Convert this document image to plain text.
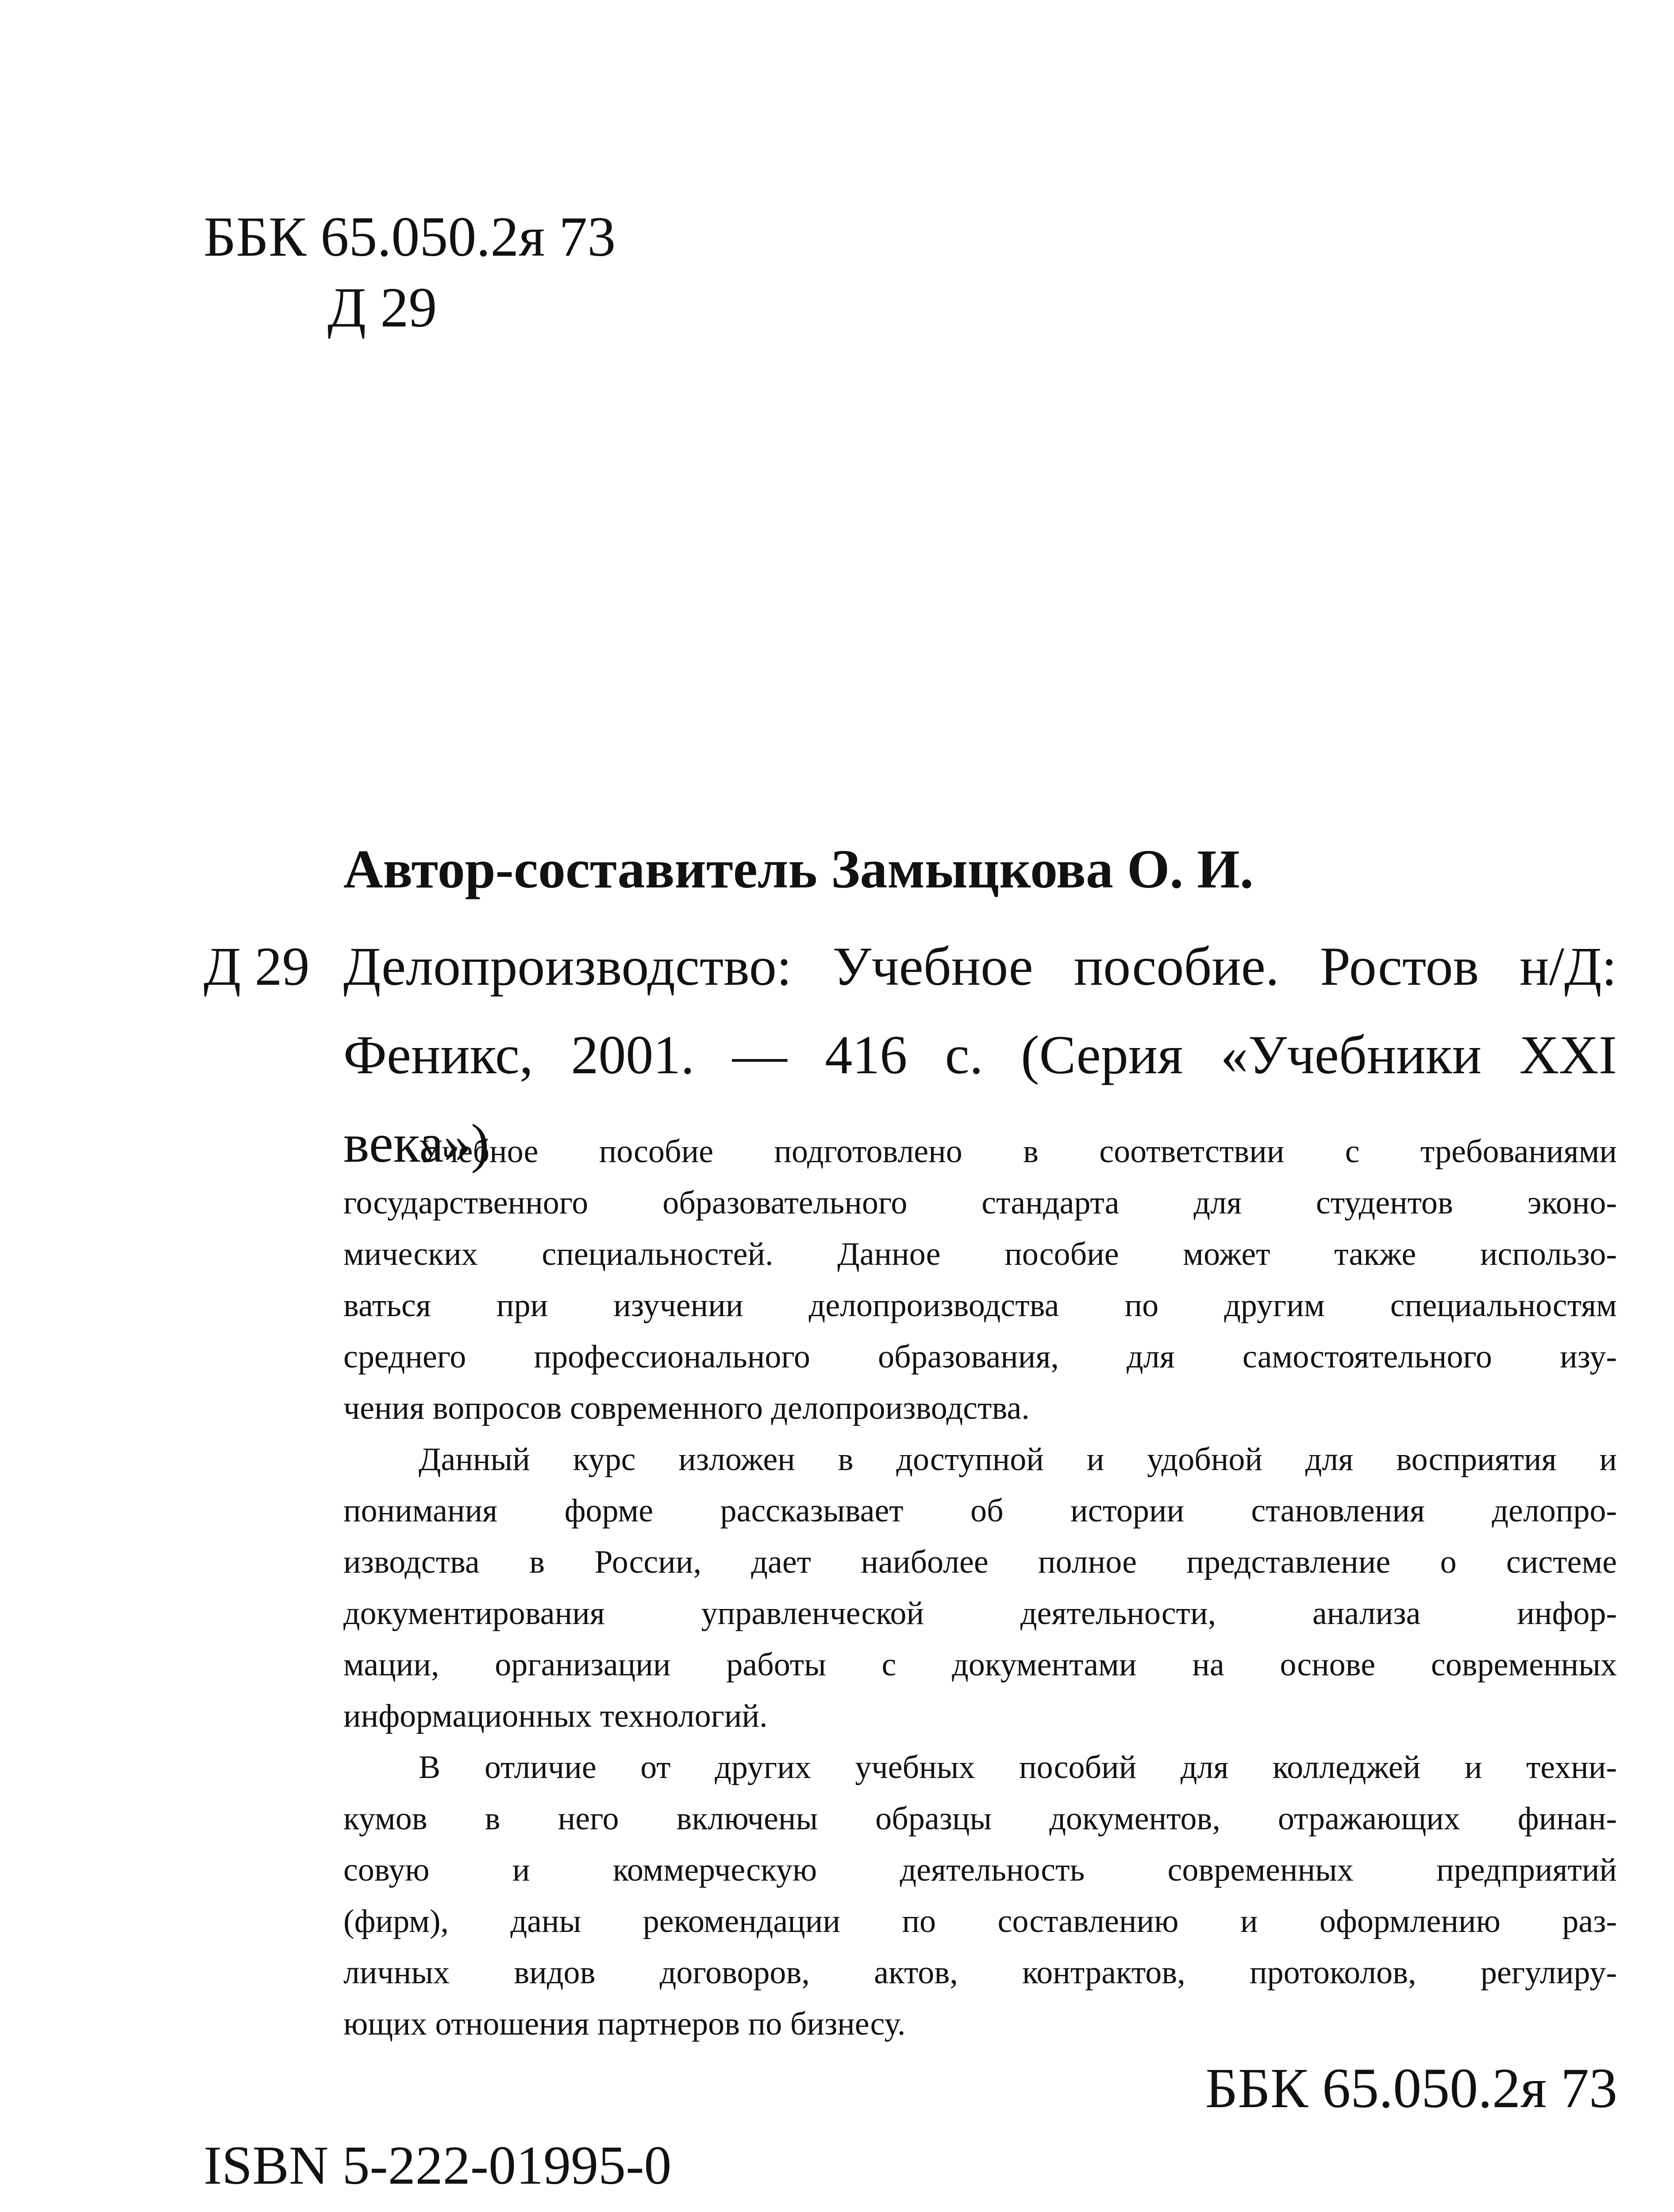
ББК 65.050.2я 73
Д 29
Автор-составитель Замыцкова О. И.
Д 29 Делопроизводство: Учебное пособие. Ростов н/Д:
Феникс, 2001. — 416 с. (Серия «Учебники XXI
века»)
Учебное пособие подготовлено в соответствии с требованиями
государственного образовательного стандарта для студентов эконо-
мических специальностей. Данное пособие может также использо-
ваться при изучении делопроизводства по другим специальностям
среднего профессионального образования, для самостоятельного изу-
чения вопросов современного делопроизводства.
Данный курс изложен в доступной и удобной для восприятия и
понимания форме рассказывает об истории становления делопро-
изводства в России, дает наиболее полное представление о системе
документирования управленческой деятельности, анализа инфор-
мации, организации работы с документами на основе современных
информационных технологий.
В отличие от других учебных пособий для колледжей и техни-
кумов в него включены образцы документов, отражающих финан-
совую и коммерческую деятельность современных предприятий
(фирм), даны рекомендации по составлению и оформлению раз-
личных видов договоров, актов, контрактов, протоколов, регулиру-
ющих отношения партнеров по бизнесу.
ББК 65.050.2я 73
ISBN 5-222-01995-0
